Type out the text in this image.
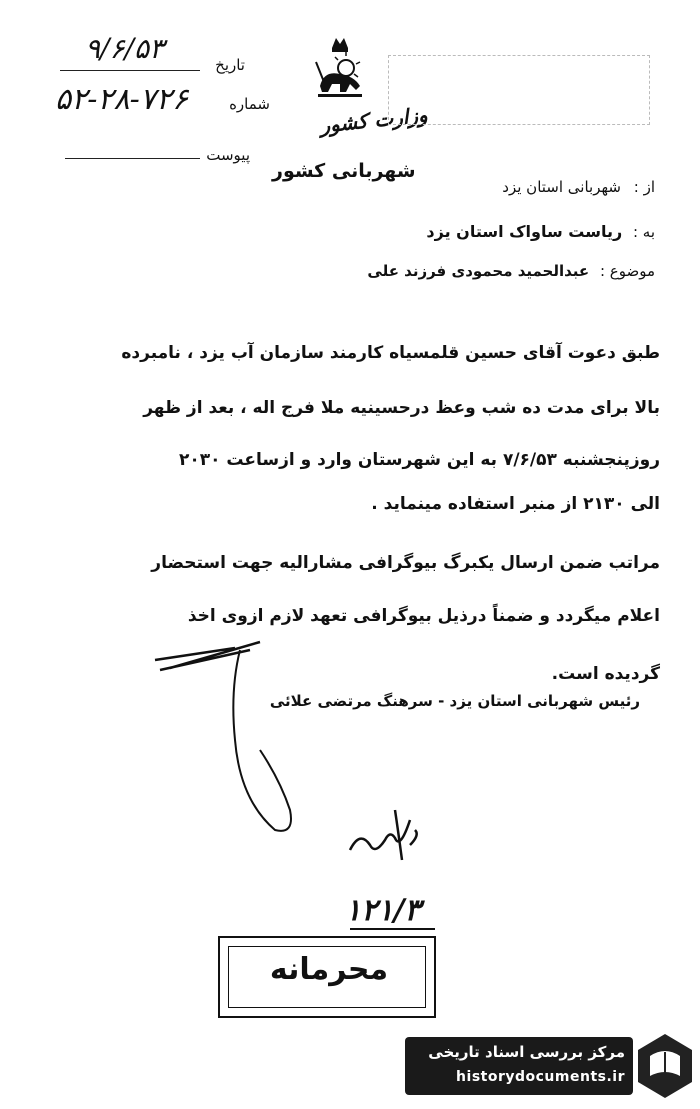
تاریخ
۹/۶/۵۳
شماره
۵۲-۲۸-۷۲۶
پیوست
وزارت کشور
شهربانی کشور
از : شهربانی استان یزد
به : ریاست ساواک استان یزد
موضوع : عبدالحمید محمودی فرزند علی
طبق دعوت آقای حسین قلمسیاه کارمند سازمان آب یزد ، نامبرده
بالا برای مدت ده شب وعظ درحسینیه ملا فرج اله ، بعد از ظهر
روزپنجشنبه ۷/۶/۵۳ به این شهرستان وارد و ازساعت ۲۰۳۰
الی ۲۱۳۰ از منبر استفاده مینماید .
مراتب ضمن ارسال یکبرگ بیوگرافی مشارالیه جهت استحضار
اعلام میگردد و ضمناً درذیل بیوگرافی تعهد لازم ازوی اخذ
گردیده است.
رئیس شهربانی استان یزد - سرهنگ مرتضی علائی
۱۲۱/۳
محرمانه
مرکز بررسی اسناد تاریخی
historydocuments.ir
